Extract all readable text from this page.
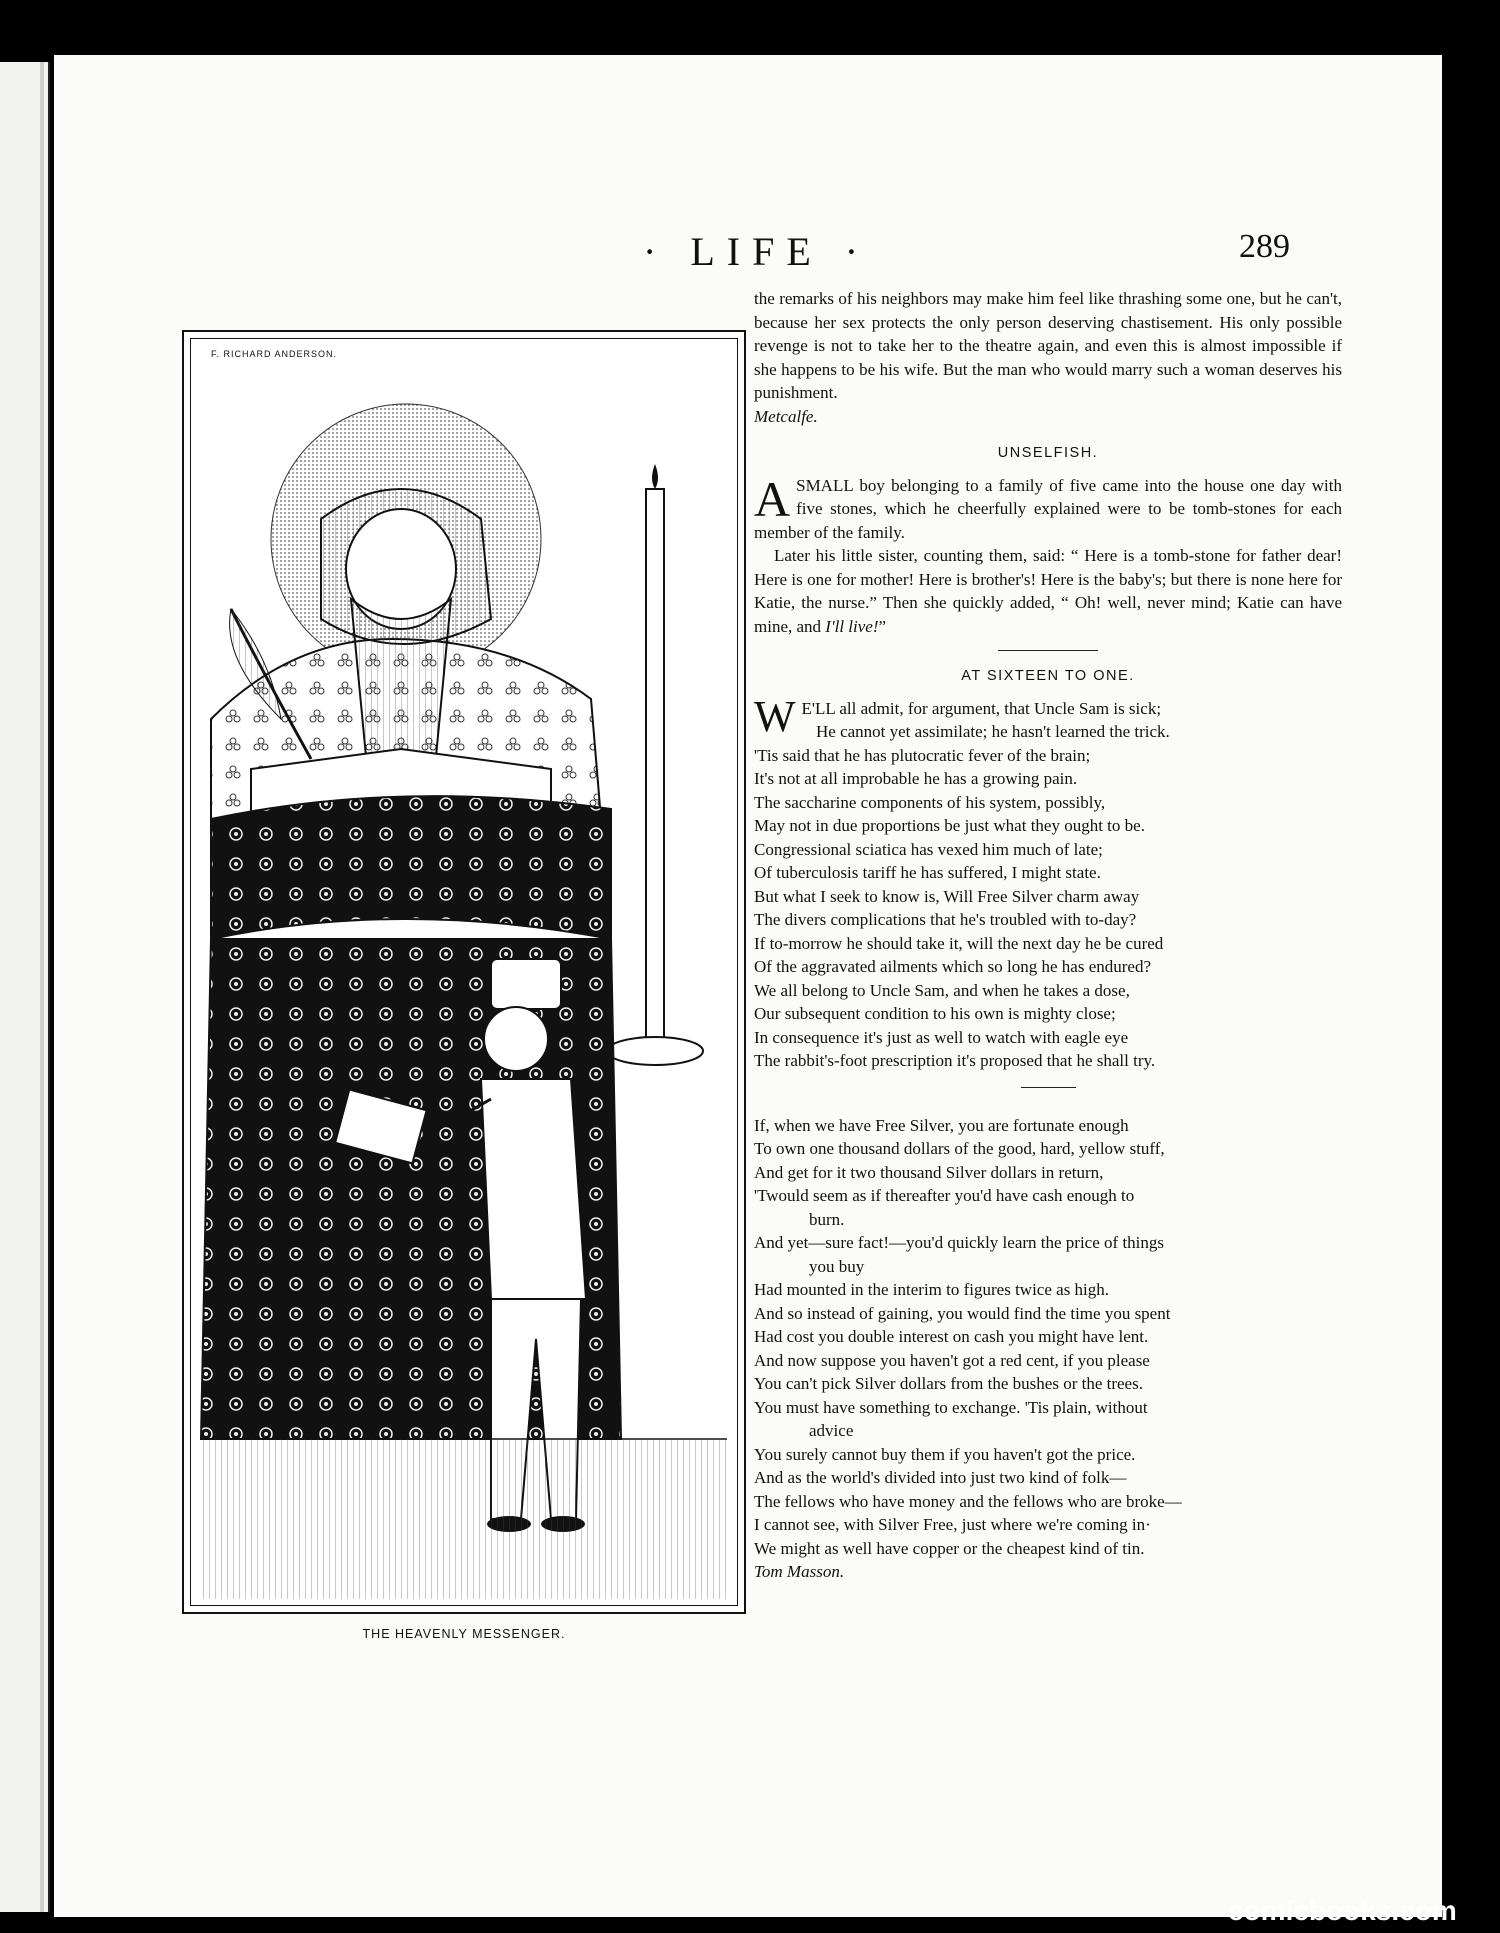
· LIFE ·	289
F. RICHARD ANDERSON.
THE HEAVENLY MESSENGER.

the remarks of his neighbors may make him feel like thrashing some one, but he can't, because her sex protects the only person deserving chastisement. His only possible revenge is not to take her to the theatre again, and even this is almost impossible if she happens to be his wife. But the man who would marry such a woman deserves his punishment.

Metcalfe.

UNSELFISH.

ASMALL boy belonging to a family of five came into the house one day with five stones, which he cheerfully explained were to be tomb-stones for each member of the family.

Later his little sister, counting them, said: “ Here is a tomb-stone for father dear! Here is one for mother! Here is brother's! Here is the baby's; but there is none here for Katie, the nurse.” Then she quickly added, “ Oh! well, never mind; Katie can have mine, and I'll live!”

AT SIXTEEN TO ONE.

W E'LL all admit, for argument, that Uncle Sam is sick;

He cannot yet assimilate; he hasn't learned the trick.

'Tis said that he has plutocratic fever of the brain;

It's not at all improbable he has a growing pain.

The saccharine components of his system, possibly,

May not in due proportions be just what they ought to be.

Congressional sciatica has vexed him much of late;

Of tuberculosis tariff he has suffered, I might state.

But what I seek to know is, Will Free Silver charm away

The divers complications that he's troubled with to-day?

If to-morrow he should take it, will the next day he be cured

Of the aggravated ailments which so long he has endured?

We all belong to Uncle Sam, and when he takes a dose,

Our subsequent condition to his own is mighty close;

In consequence it's just as well to watch with eagle eye

The rabbit's-foot prescription it's proposed that he shall try.

If, when we have Free Silver, you are fortunate enough

To own one thousand dollars of the good, hard, yellow stuff,

And get for it two thousand Silver dollars in return,

'Twould seem as if thereafter you'd have cash enough to

burn.

And yet—sure fact!—you'd quickly learn the price of things

you buy

Had mounted in the interim to figures twice as high.

And so instead of gaining, you would find the time you spent

Had cost you double interest on cash you might have lent.

And now suppose you haven't got a red cent, if you please

You can't pick Silver dollars from the bushes or the trees.

You must have something to exchange. 'Tis plain, without

advice

You surely cannot buy them if you haven't got the price.

And as the world's divided into just two kind of folk—

The fellows who have money and the fellows who are broke—

I cannot see, with Silver Free, just where we're coming in·

We might as well have copper or the cheapest kind of tin.

Tom Masson.

comicbooks.com
